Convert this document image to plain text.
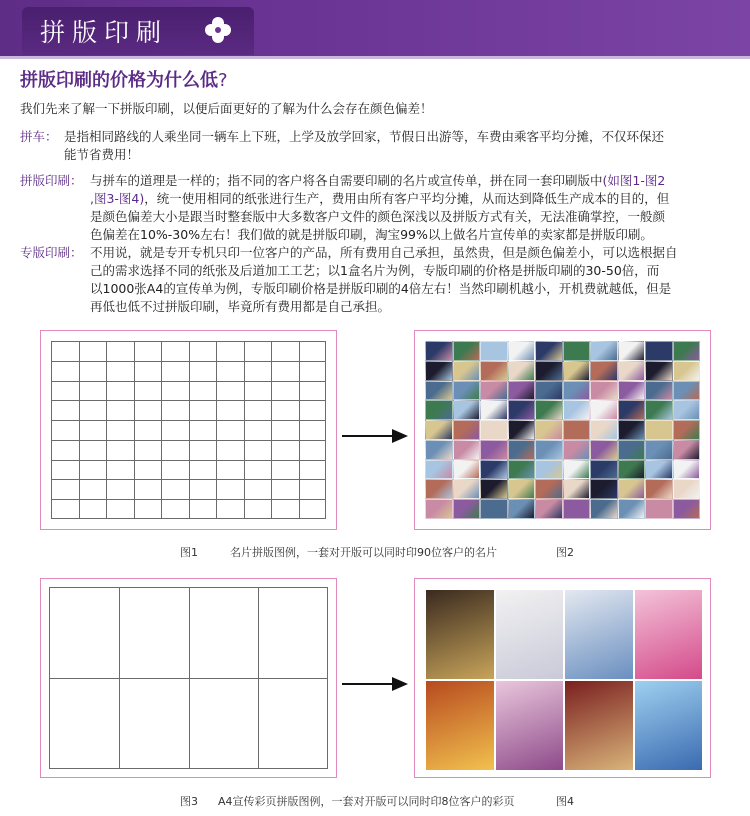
拼版印刷
拼版印刷的价格为什么低?
我们先来了解一下拼版印刷，以便后面更好的了解为什么会存在颜色偏差！
拼车： 是指相同路线的人乘坐同一辆车上下班，上学及放学回家，节假日出游等，车费由乘客平均分摊，不仅环保还
能节省费用！
拼版印刷： 与拼车的道理是一样的；指不同的客户将各自需要印刷的名片或宣传单，拼在同一套印刷版中(如图1-图2
,图3-图4)，统一使用相同的纸张进行生产，费用由所有客户平均分摊，从而达到降低生产成本的目的，但
是颜色偏差大小是跟当时整套版中大多数客户文件的颜色深浅以及拼版方式有关，无法准确掌控，一般颜
色偏差在10%-30%左右！我们做的就是拼版印刷，淘宝99%以上做名片宣传单的卖家都是拼版印刷。
专版印刷： 不用说，就是专开专机只印一位客户的产品，所有费用自己承担，虽然贵，但是颜色偏差小，可以选根据自
己的需求选择不同的纸张及后道加工工艺；以1盒名片为例，专版印刷的价格是拼版印刷的30-50倍，而
以1000张A4的宣传单为例，专版印刷价格是拼版印刷的4倍左右！当然印刷机越小，开机费就越低，但是
再低也低不过拼版印刷，毕竟所有费用都是自己承担。
图1	名片拼版图例，一套对开版可以同时印90位客户的名片	图2
图3 A4宣传彩页拼版图例，一套对开版可以同时印8位客户的彩页	图4
